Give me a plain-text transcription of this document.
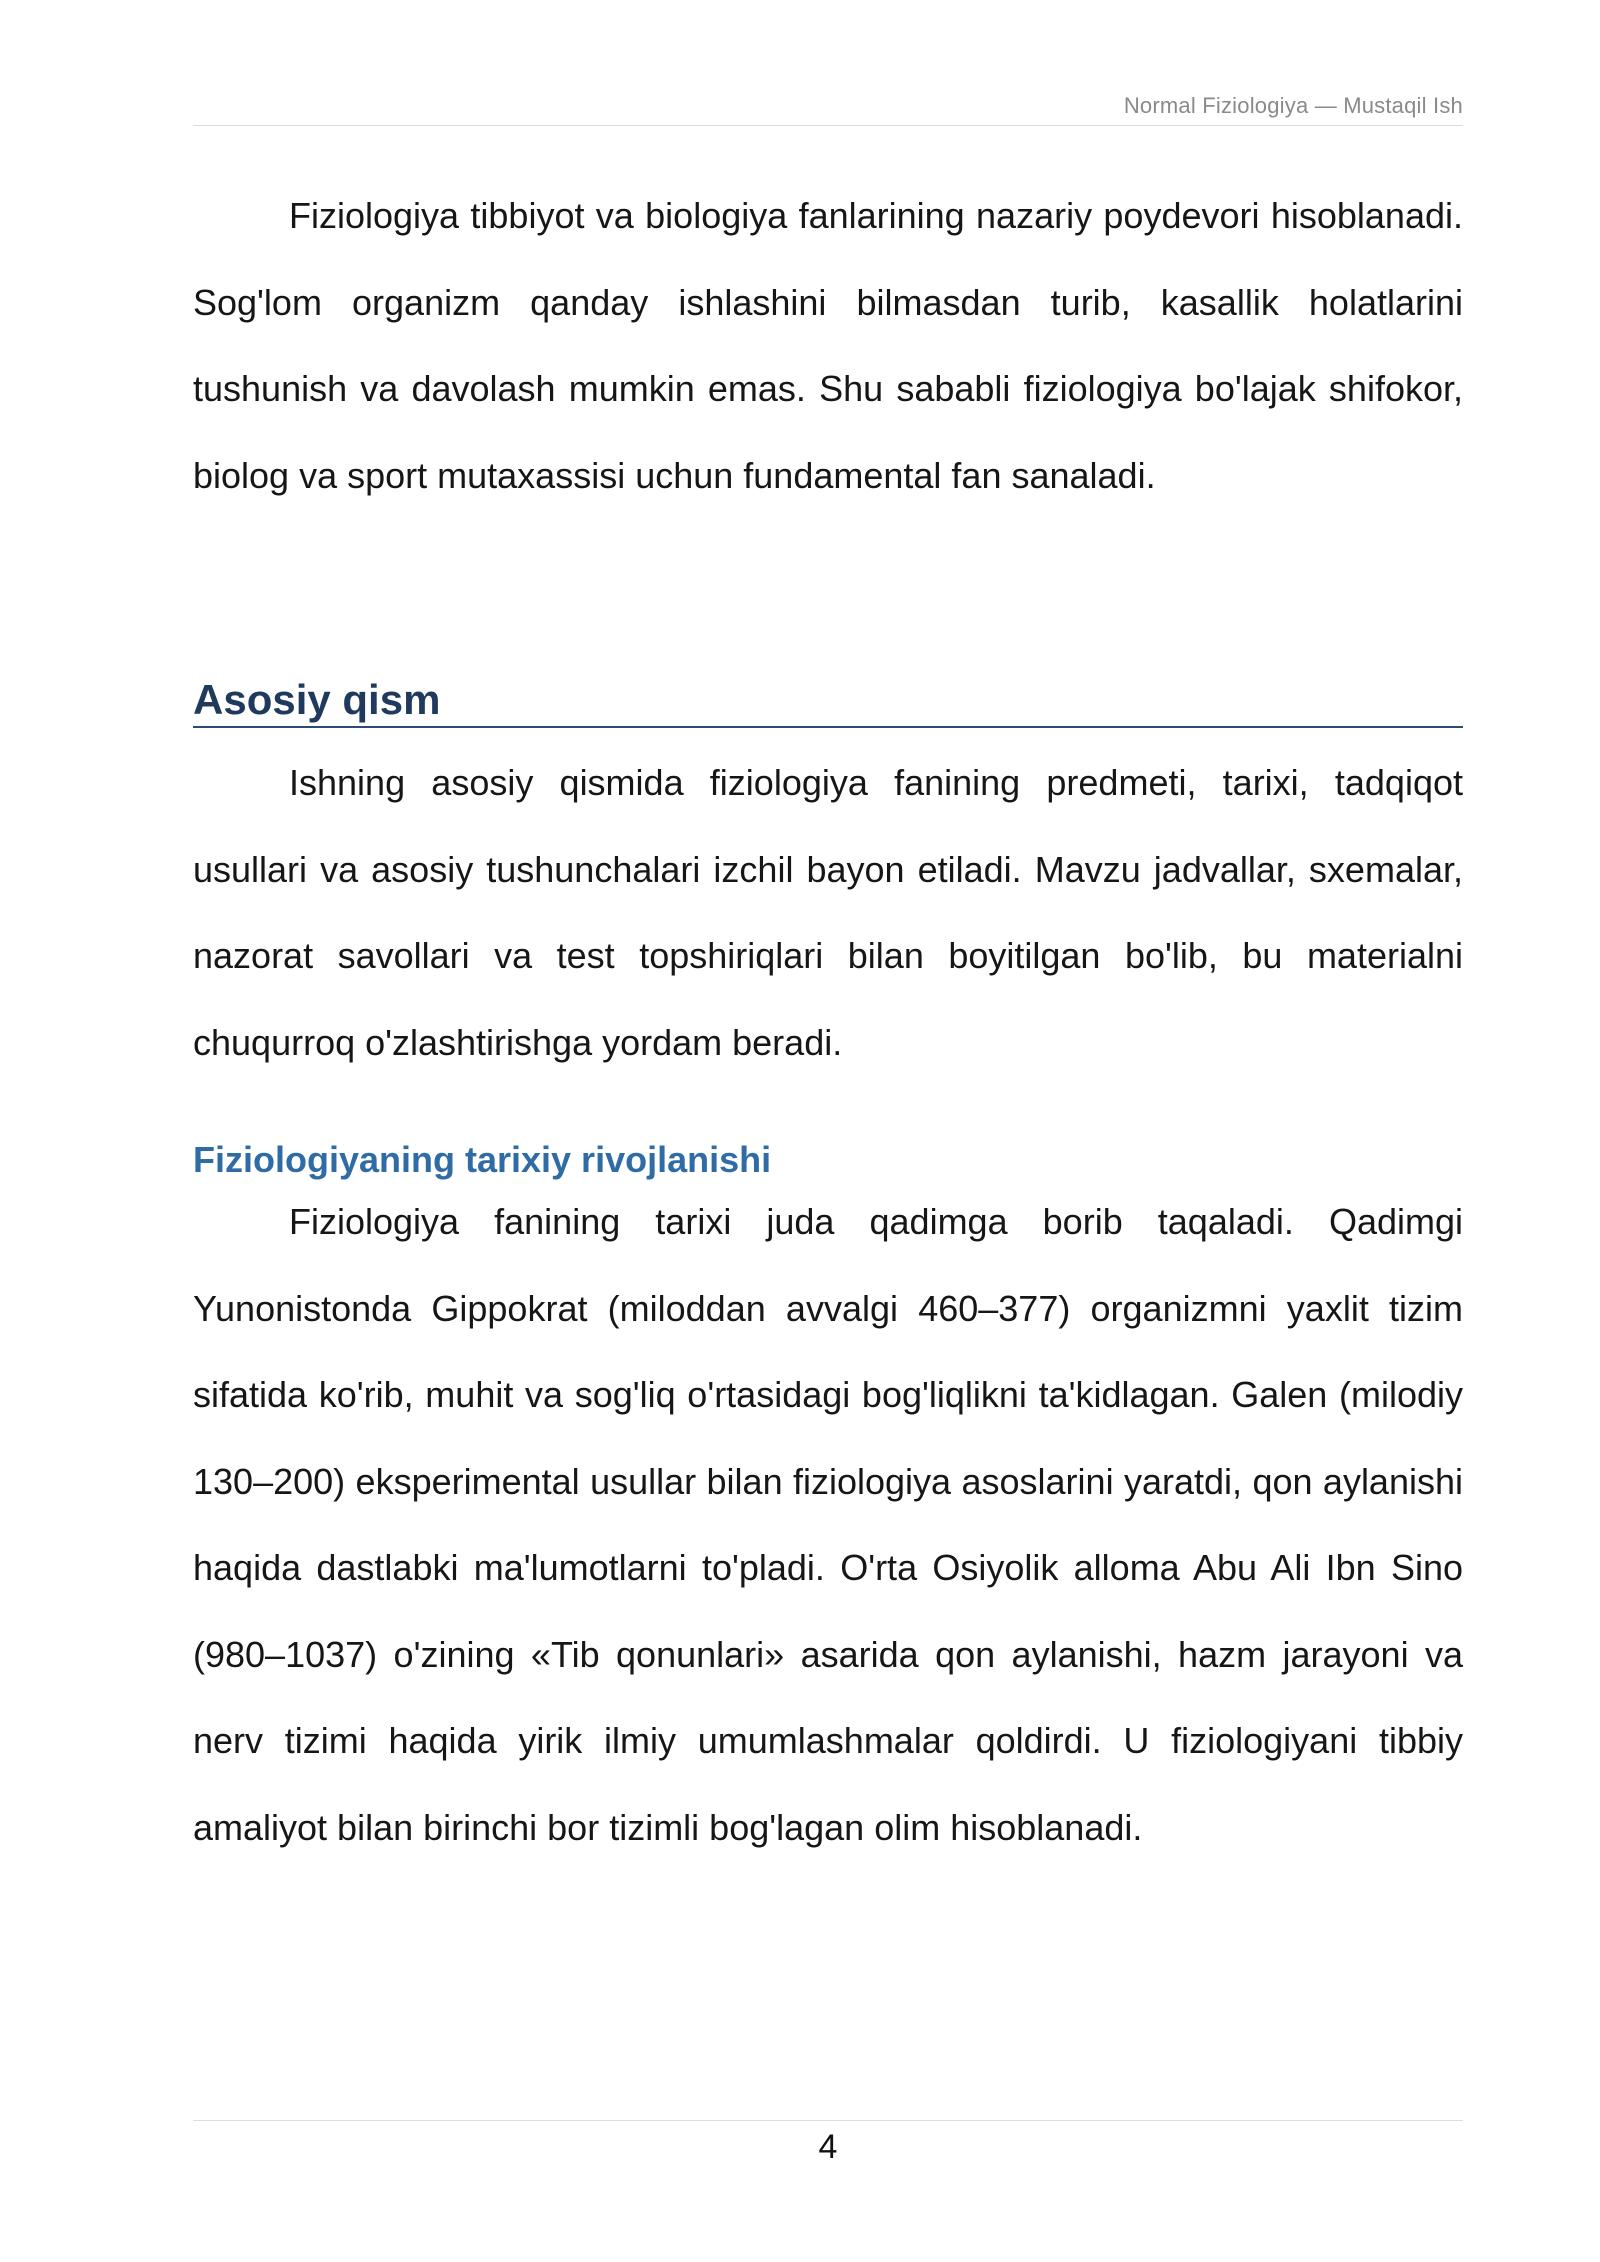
Normal Fiziologiya — Mustaqil Ish

Fiziologiya tibbiyot va biologiya fanlarining nazariy poydevori hisoblanadi. Sog'lom organizm qanday ishlashini bilmasdan turib, kasallik holatlarini tushunish va davolash mumkin emas. Shu sababli fiziologiya bo'lajak shifokor, biolog va sport mutaxassisi uchun fundamental fan sanaladi.

Asosiy qism

Ishning asosiy qismida fiziologiya fanining predmeti, tarixi, tadqiqot usullari va asosiy tushunchalari izchil bayon etiladi. Mavzu jadvallar, sxemalar, nazorat savollari va test topshiriqlari bilan boyitilgan bo'lib, bu materialni chuqurroq o'zlashtirishga yordam beradi.

Fiziologiyaning tarixiy rivojlanishi

Fiziologiya fanining tarixi juda qadimga borib taqaladi. Qadimgi Yunonistonda Gippokrat (miloddan avvalgi 460–377) organizmni yaxlit tizim sifatida ko'rib, muhit va sog'liq o'rtasidagi bog'liqlikni ta'kidlagan. Galen (milodiy 130–200) eksperimental usullar bilan fiziologiya asoslarini yaratdi, qon aylanishi haqida dastlabki ma'lumotlarni to'pladi. O'rta Osiyolik alloma Abu Ali Ibn Sino (980–1037) o'zining «Tib qonunlari» asarida qon aylanishi, hazm jarayoni va nerv tizimi haqida yirik ilmiy umumlashmalar qoldirdi. U fiziologiyani tibbiy amaliyot bilan birinchi bor tizimli bog'lagan olim hisoblanadi.

4
